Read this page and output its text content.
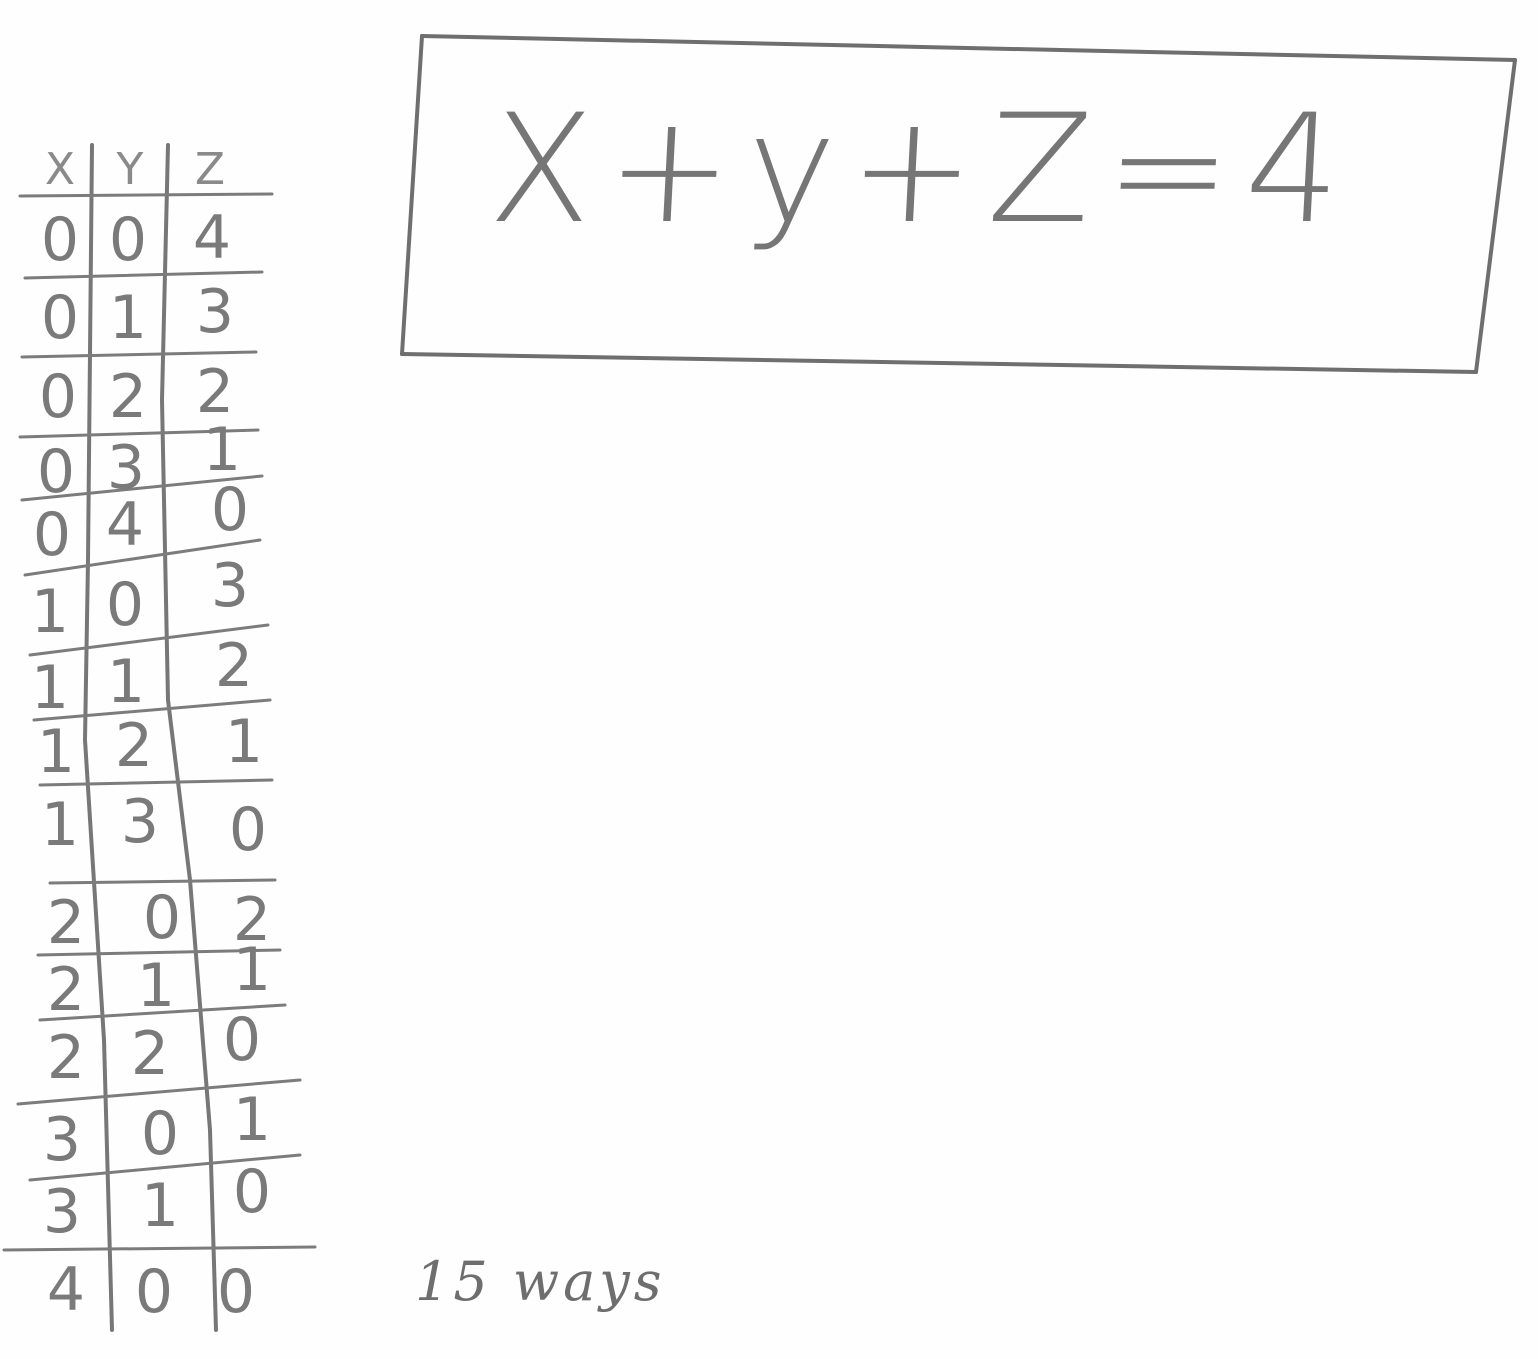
X+y+Z=4
X Y	Z
0 0 4
0 1 3
0 2 2
0 3 1
0 4 0
1 0 3
1 1 2
1 2 1
1 3 0
2 0 2
2 1 1
2 2 0
3 0 1
3 1 0
4 0 0	15 ways
